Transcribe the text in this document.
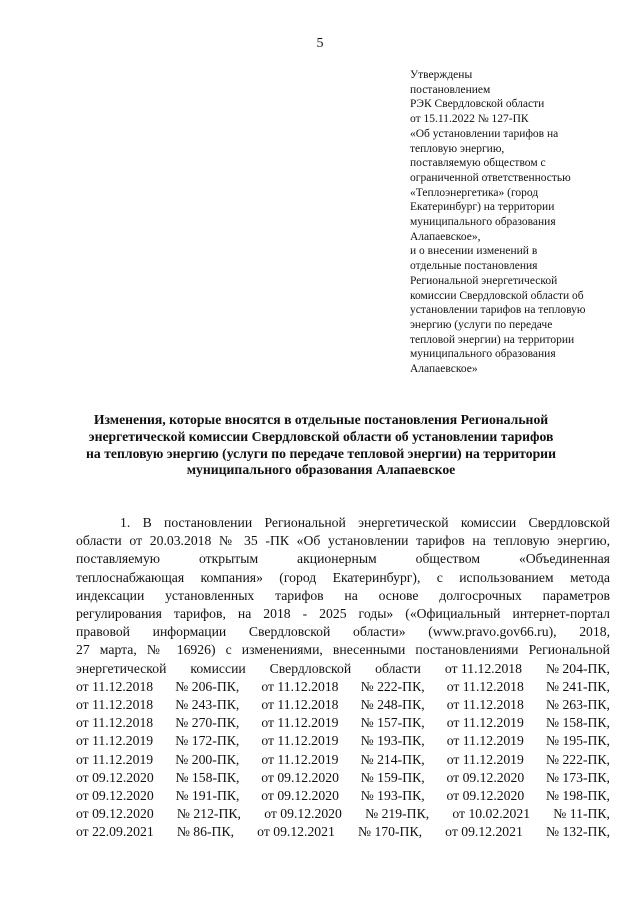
5
Утверждены
постановлением
РЭК Свердловской области
от 15.11.2022 № 127-ПК
«Об установлении тарифов на
тепловую энергию,
поставляемую обществом с
ограниченной ответственностью
«Теплоэнергетика» (город
Екатеринбург) на территории
муниципального образования
Алапаевское»,
и о внесении изменений в
отдельные постановления
Региональной энергетической
комиссии Свердловской области об
установлении тарифов на тепловую
энергию (услуги по передаче
тепловой энергии) на территории
муниципального образования
Алапаевское»
Изменения, которые вносятся в отдельные постановления Региональной
энергетической комиссии Свердловской области об установлении тарифов
на тепловую энергию (услуги по передаче тепловой энергии) на территории
муниципального образования Алапаевское
1. В постановлении Региональной энергетической комиссии Свердловской
области от 20.03.2018 № 35 -ПК «Об установлении тарифов на тепловую энергию,
поставляемую	открытым	акционерным	обществом	«Объединенная
теплоснабжающая компания» (город Екатеринбург), с использованием метода
индексации установленных тарифов на основе долгосрочных параметров
регулирования тарифов, на 2018 - 2025 годы» («Официальный интернет-портал
правовой информации Свердловской области» (www.pravo.gov66.ru), 2018,
27 марта, № 16926) с изменениями, внесенными постановлениями Региональной
энергетической комиссии Свердловской области от 11.12.2018 № 204-ПК,
от 11.12.2018 № 206-ПК, от 11.12.2018 № 222-ПК, от 11.12.2018 № 241-ПК,
от 11.12.2018 № 243-ПК, от 11.12.2018 № 248-ПК, от 11.12.2018 № 263-ПК,
от 11.12.2018 № 270-ПК, от 11.12.2019 № 157-ПК, от 11.12.2019 № 158-ПК,
от 11.12.2019 № 172-ПК, от 11.12.2019 № 193-ПК, от 11.12.2019 № 195-ПК,
от 11.12.2019 № 200-ПК, от 11.12.2019 № 214-ПК, от 11.12.2019 № 222-ПК,
от 09.12.2020 № 158-ПК, от 09.12.2020 № 159-ПК, от 09.12.2020 № 173-ПК,
от 09.12.2020 № 191-ПК, от 09.12.2020 № 193-ПК, от 09.12.2020 № 198-ПК,
от 09.12.2020 № 212-ПК, от 09.12.2020 № 219-ПК, от 10.02.2021 № 11-ПК,
от 22.09.2021 № 86-ПК, от 09.12.2021 № 170-ПК, от 09.12.2021 № 132-ПК,
